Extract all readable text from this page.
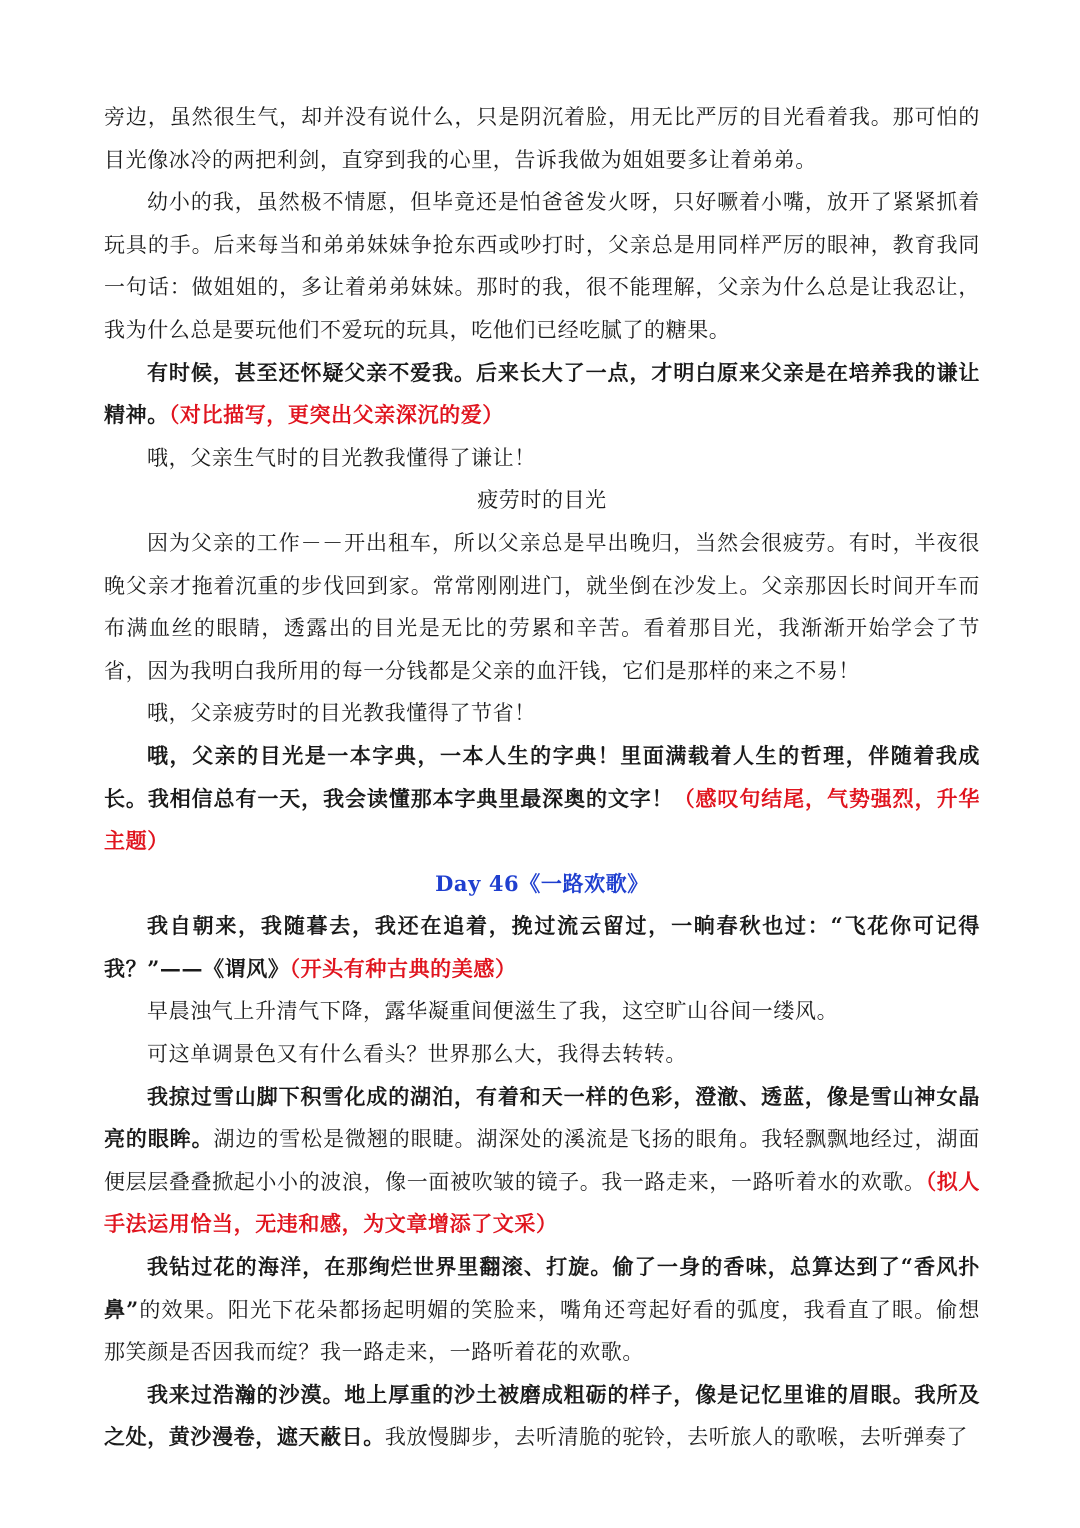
旁边，虽然很生气，却并没有说什么，只是阴沉着脸，用无比严厉的目光看着我。那可怕的目光像冰冷的两把利剑，直穿到我的心里，告诉我做为姐姐要多让着弟弟。

幼小的我，虽然极不情愿，但毕竟还是怕爸爸发火呀，只好噘着小嘴，放开了紧紧抓着玩具的手。后来每当和弟弟妹妹争抢东西或吵打时，父亲总是用同样严厉的眼神，教育我同一句话：做姐姐的，多让着弟弟妹妹。那时的我，很不能理解，父亲为什么总是让我忍让，我为什么总是要玩他们不爱玩的玩具，吃他们已经吃腻了的糖果。

有时候，甚至还怀疑父亲不爱我。后来长大了一点，才明白原来父亲是在培养我的谦让精神。（对比描写，更突出父亲深沉的爱）

哦，父亲生气时的目光教我懂得了谦让！

疲劳时的目光

因为父亲的工作－－开出租车，所以父亲总是早出晚归，当然会很疲劳。有时，半夜很晚父亲才拖着沉重的步伐回到家。常常刚刚进门，就坐倒在沙发上。父亲那因长时间开车而布满血丝的眼睛，透露出的目光是无比的劳累和辛苦。看着那目光，我渐渐开始学会了节省，因为我明白我所用的每一分钱都是父亲的血汗钱，它们是那样的来之不易！

哦，父亲疲劳时的目光教我懂得了节省！

哦，父亲的目光是一本字典，一本人生的字典！里面满载着人生的哲理，伴随着我成长。我相信总有一天，我会读懂那本字典里最深奥的文字！（感叹句结尾，气势强烈，升华主题）

Day 46《一路欢歌》

我自朝来，我随暮去，我还在追着，挽过流云留过，一晌春秋也过：“飞花你可记得我？”——《谓风》（开头有种古典的美感）

早晨浊气上升清气下降，露华凝重间便滋生了我，这空旷山谷间一缕风。

可这单调景色又有什么看头？世界那么大，我得去转转。

我掠过雪山脚下积雪化成的湖泊，有着和天一样的色彩，澄澈、透蓝，像是雪山神女晶亮的眼眸。湖边的雪松是微翘的眼睫。湖深处的溪流是飞扬的眼角。我轻飘飘地经过，湖面便层层叠叠掀起小小的波浪，像一面被吹皱的镜子。我一路走来，一路听着水的欢歌。（拟人手法运用恰当，无违和感，为文章增添了文采）

我钻过花的海洋，在那绚烂世界里翻滚、打旋。偷了一身的香味，总算达到了“香风扑鼻”的效果。阳光下花朵都扬起明媚的笑脸来，嘴角还弯起好看的弧度，我看直了眼。偷想那笑颜是否因我而绽？我一路走来，一路听着花的欢歌。

我来过浩瀚的沙漠。地上厚重的沙土被磨成粗砺的样子，像是记忆里谁的眉眼。我所及之处，黄沙漫卷，遮天蔽日。我放慢脚步，去听清脆的驼铃，去听旅人的歌喉，去听弹奏了
